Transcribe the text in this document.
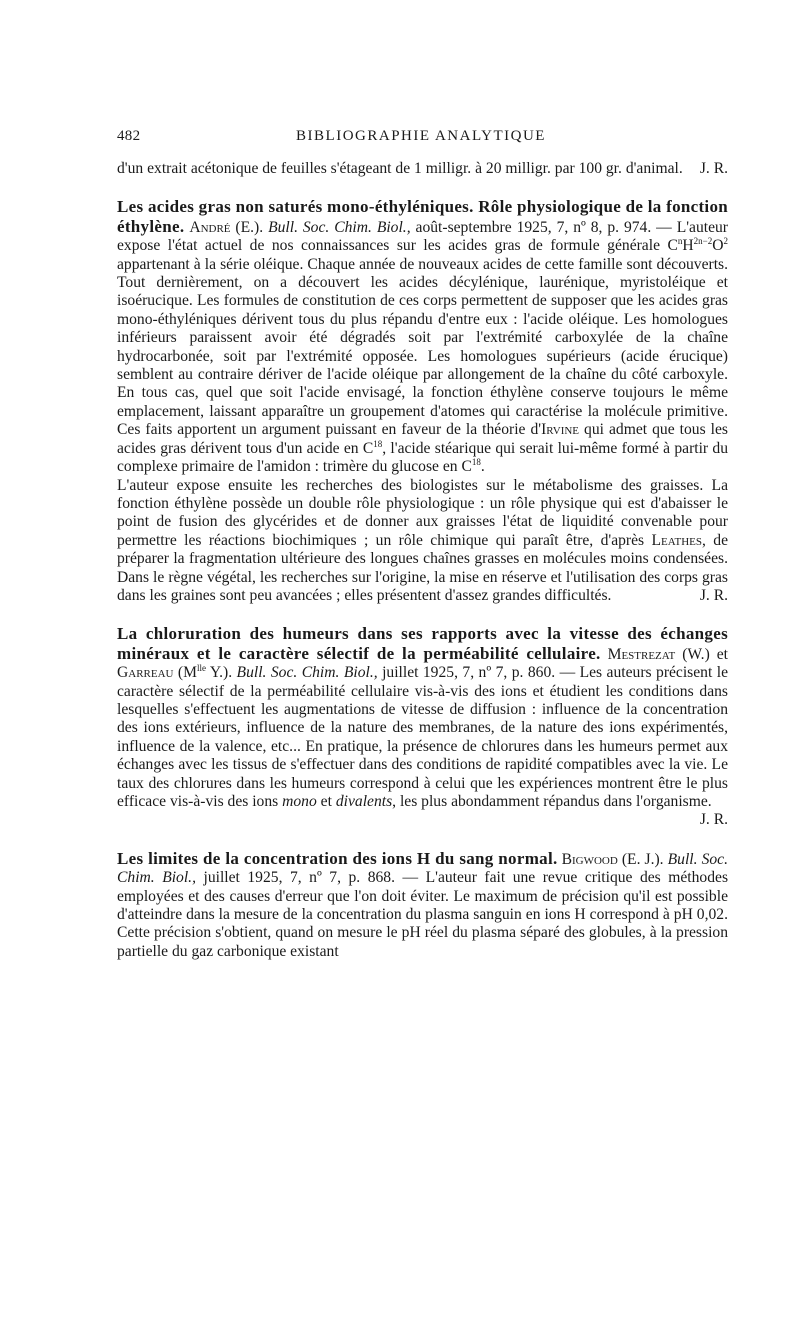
482	BIBLIOGRAPHIE ANALYTIQUE

d'un extrait acétonique de feuilles s'étageant de 1 milligr. à 20 milligr. par 100 gr. d'animal. J. R.

Les acides gras non saturés mono-éthyléniques. Rôle physiologique de la fonction éthylène. André (E.). Bull. Soc. Chim. Biol., août-septembre 1925, 7, nº 8, p. 974. — L'auteur expose l'état actuel de nos connaissances sur les acides gras de formule générale $C^nH^{2n-2}O^2$ appartenant à la série oléique. Chaque année de nouveaux acides de cette famille sont découverts. Tout dernièrement, on a découvert les acides décylénique, laurénique, myristoléique et isoérucique. Les formules de constitution de ces corps permettent de supposer que les acides gras mono-éthyléniques dérivent tous du plus répandu d'entre eux : l'acide oléique. Les homologues inférieurs paraissent avoir été dégradés soit par l'extrémité carboxylée de la chaîne hydrocarbonée, soit par l'extrémité opposée. Les homologues supérieurs (acide érucique) semblent au contraire dériver de l'acide oléique par allongement de la chaîne du côté carboxyle. En tous cas, quel que soit l'acide envisagé, la fonction éthylène conserve toujours le même emplacement, laissant apparaître un groupement d'atomes qui caractérise la molécule primitive. Ces faits apportent un argument puissant en faveur de la théorie d'Irvine qui admet que tous les acides gras dérivent tous d'un acide en $C^{18}$, l'acide stéarique qui serait lui-même formé à partir du complexe primaire de l'amidon : trimère du glucose en $C^{18}$.

L'auteur expose ensuite les recherches des biologistes sur le métabolisme des graisses. La fonction éthylène possède un double rôle physiologique : un rôle physique qui est d'abaisser le point de fusion des glycérides et de donner aux graisses l'état de liquidité convenable pour permettre les réactions biochimiques ; un rôle chimique qui paraît être, d'après Leathes, de préparer la fragmentation ultérieure des longues chaînes grasses en molécules moins condensées. Dans le règne végétal, les recherches sur l'origine, la mise en réserve et l'utilisation des corps gras dans les graines sont peu avancées ; elles présentent d'assez grandes difficultés.	J. R.

La chloruration des humeurs dans ses rapports avec la vitesse des échanges minéraux et le caractère sélectif de la perméabilité cellulaire. Mestrezat (W.) et Garreau ($M^{lle}$ Y.). Bull. Soc. Chim. Biol., juillet 1925, 7, nº 7, p. 860. — Les auteurs précisent le caractère sélectif de la perméabilité cellulaire vis-à-vis des ions et étudient les conditions dans lesquelles s'effectuent les augmentations de vitesse de diffusion : influence de la concentration des ions extérieurs, influence de la nature des membranes, de la nature des ions expérimentés, influence de la valence, etc... En pratique, la présence de chlorures dans les humeurs permet aux échanges avec les tissus de s'effectuer dans des conditions de rapidité compatibles avec la vie. Le taux des chlorures dans les humeurs correspond à celui que les expériences montrent être le plus efficace vis-à-vis des ions mono et divalents, les plus abondamment répandus dans l'organisme.
J. R.

Les limites de la concentration des ions H du sang normal. Bigwood (E. J.). Bull. Soc. Chim. Biol., juillet 1925, 7, nº 7, p. 868. — L'auteur fait une revue critique des méthodes employées et des causes d'erreur que l'on doit éviter. Le maximum de précision qu'il est possible d'atteindre dans la mesure de la concentration du plasma sanguin en ions H correspond à pH 0,02. Cette précision s'obtient, quand on mesure le pH réel du plasma séparé des globules, à la pression partielle du gaz carbonique existant
